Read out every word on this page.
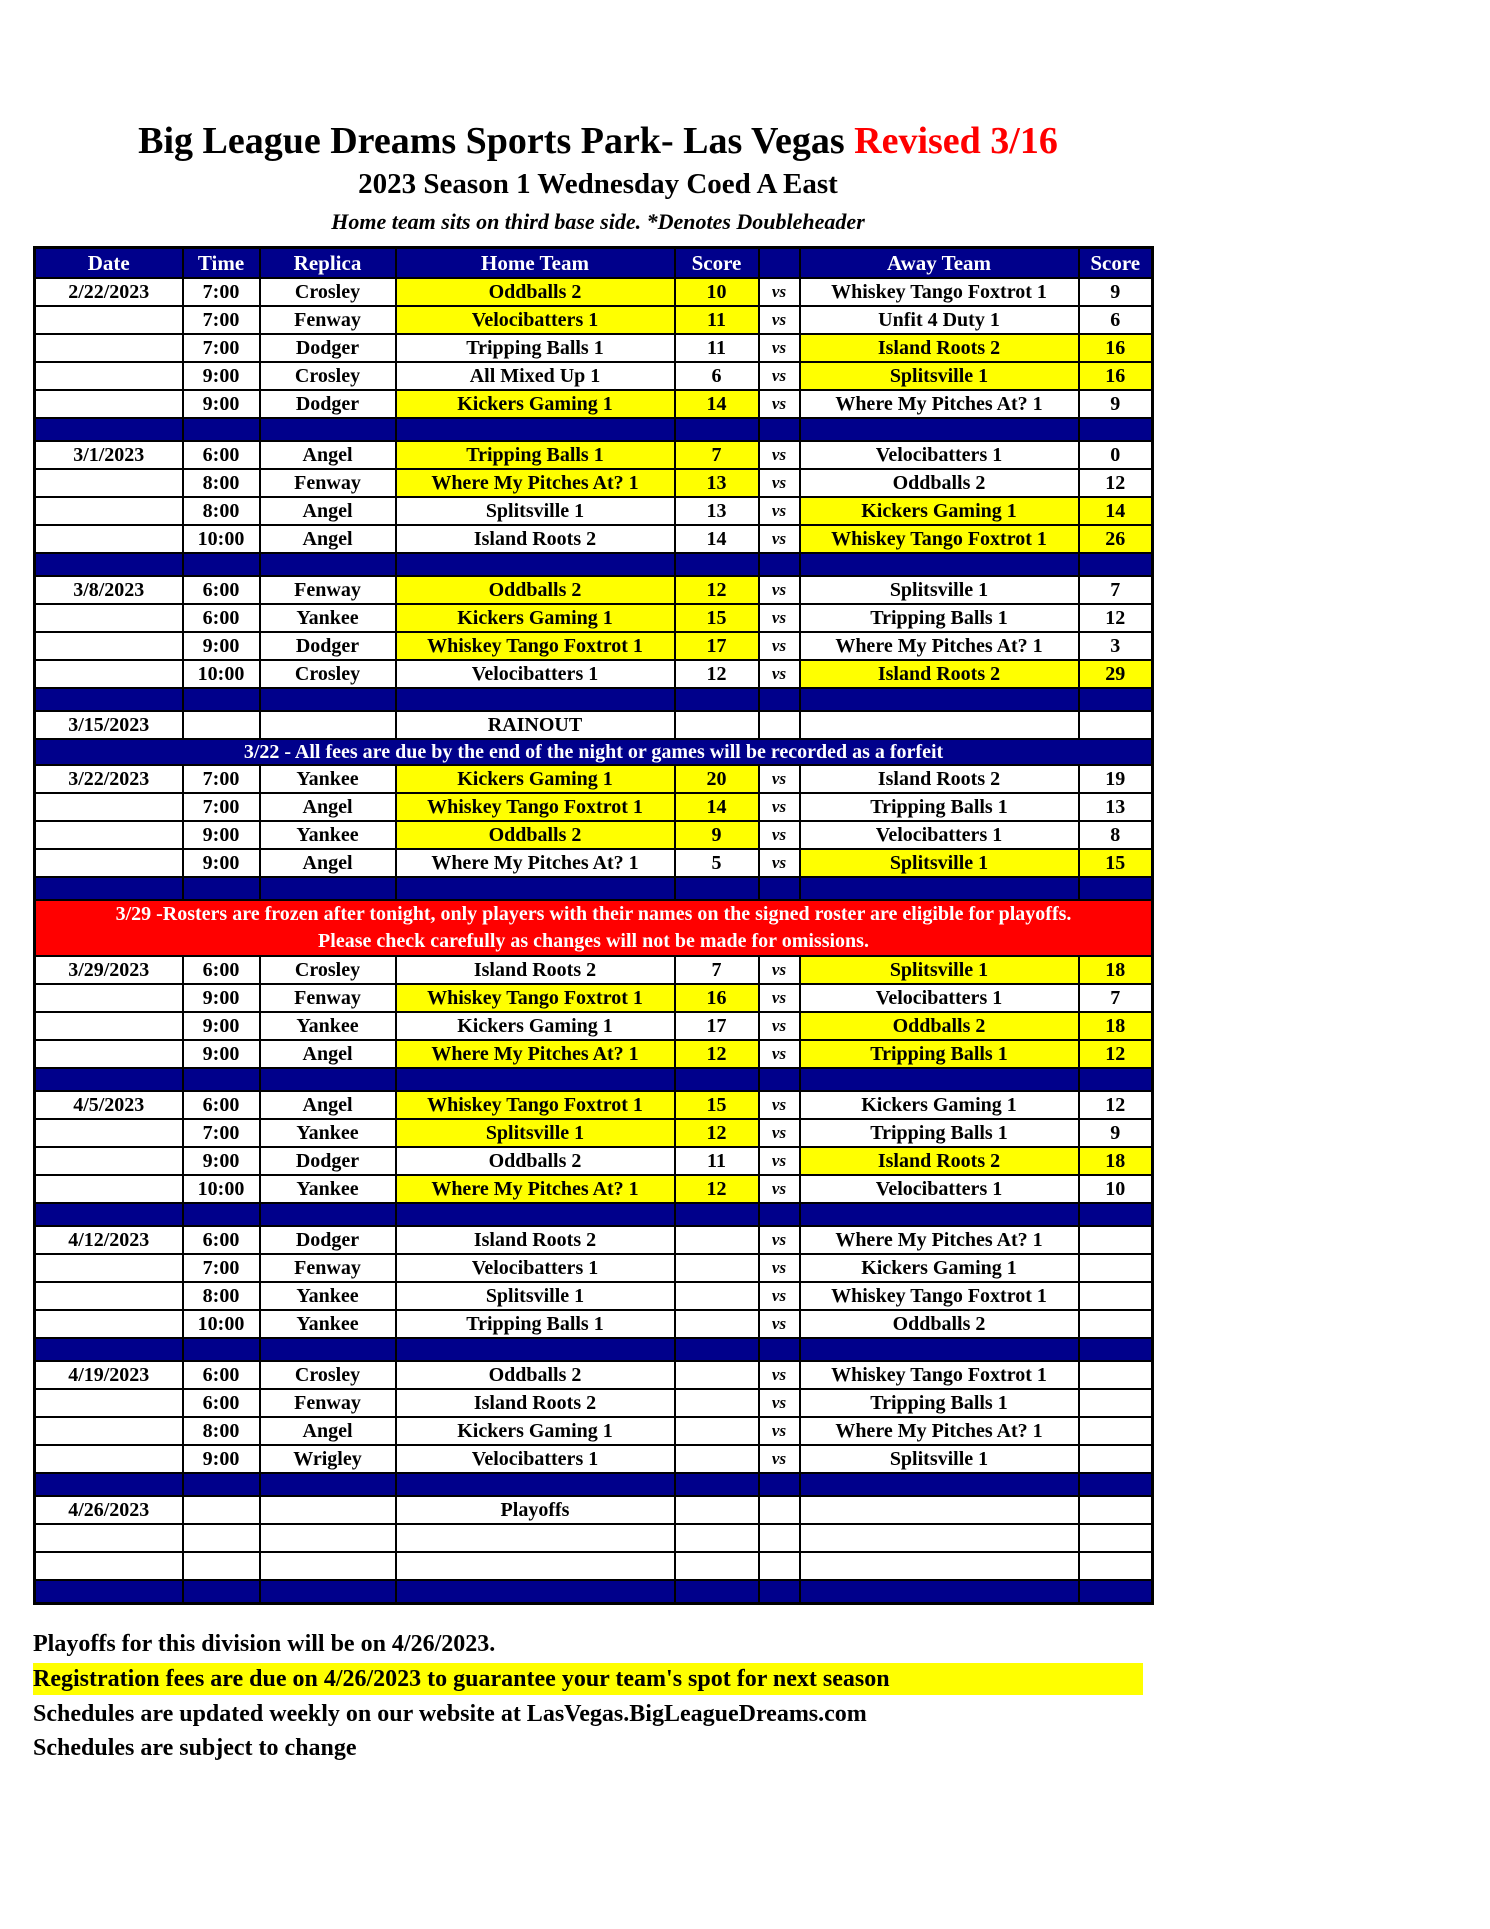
Big League Dreams Sports Park- Las Vegas Revised 3/16
2023 Season 1 Wednesday Coed A East
Home team sits on third base side. *Denotes Doubleheader
Date	Time	Replica	Home Team	Score		Away Team	Score
2/22/2023	7:00	Crosley	Oddballs 2	10	vs	Whiskey Tango Foxtrot 1	9
	7:00	Fenway	Velocibatters 1	11	vs	Unfit 4 Duty 1	6
	7:00	Dodger	Tripping Balls 1	11	vs	Island Roots 2	16
	9:00	Crosley	All Mixed Up 1	6	vs	Splitsville 1	16
	9:00	Dodger	Kickers Gaming 1	14	vs	Where My Pitches At? 1	9

3/1/2023	6:00	Angel	Tripping Balls 1	7	vs	Velocibatters 1	0
	8:00	Fenway	Where My Pitches At? 1	13	vs	Oddballs 2	12
	8:00	Angel	Splitsville 1	13	vs	Kickers Gaming 1	14
	10:00	Angel	Island Roots 2	14	vs	Whiskey Tango Foxtrot 1	26

3/8/2023	6:00	Fenway	Oddballs 2	12	vs	Splitsville 1	7
	6:00	Yankee	Kickers Gaming 1	15	vs	Tripping Balls 1	12
	9:00	Dodger	Whiskey Tango Foxtrot 1	17	vs	Where My Pitches At? 1	3
	10:00	Crosley	Velocibatters 1	12	vs	Island Roots 2	29

3/15/2023			RAINOUT				
3/22 - All fees are due by the end of the night or games will be recorded as a forfeit							
3/22/2023	7:00	Yankee	Kickers Gaming 1	20	vs	Island Roots 2	19
	7:00	Angel	Whiskey Tango Foxtrot 1	14	vs	Tripping Balls 1	13
	9:00	Yankee	Oddballs 2	9	vs	Velocibatters 1	8
	9:00	Angel	Where My Pitches At? 1	5	vs	Splitsville 1	15

3/29 -Rosters are frozen after tonight, only players with their names on the signed roster are eligible for playoffs.
Please check carefully as changes will not be made for omissions.							

3/29/2023	6:00	Crosley	Island Roots 2	7	vs	Splitsville 1	18
	9:00	Fenway	Whiskey Tango Foxtrot 1	16	vs	Velocibatters 1	7
	9:00	Yankee	Kickers Gaming 1	17	vs	Oddballs 2	18
	9:00	Angel	Where My Pitches At? 1	12	vs	Tripping Balls 1	12

4/5/2023	6:00	Angel	Whiskey Tango Foxtrot 1	15	vs	Kickers Gaming 1	12
	7:00	Yankee	Splitsville 1	12	vs	Tripping Balls 1	9
	9:00	Dodger	Oddballs 2	11	vs	Island Roots 2	18
	10:00	Yankee	Where My Pitches At? 1	12	vs	Velocibatters 1	10

4/12/2023	6:00	Dodger	Island Roots 2		vs	Where My Pitches At? 1	
	7:00	Fenway	Velocibatters 1		vs	Kickers Gaming 1	
	8:00	Yankee	Splitsville 1		vs	Whiskey Tango Foxtrot 1	
	10:00	Yankee	Tripping Balls 1		vs	Oddballs 2	

4/19/2023	6:00	Crosley	Oddballs 2		vs	Whiskey Tango Foxtrot 1	
	6:00	Fenway	Island Roots 2		vs	Tripping Balls 1	
	8:00	Angel	Kickers Gaming 1		vs	Where My Pitches At? 1	
	9:00	Wrigley	Velocibatters 1		vs	Splitsville 1	

4/26/2023			Playoffs				

Playoffs for this division will be on 4/26/2023.
Registration fees are due on 4/26/2023 to guarantee your team's spot for next season
Schedules are updated weekly on our website at LasVegas.BigLeagueDreams.com
Schedules are subject to change
